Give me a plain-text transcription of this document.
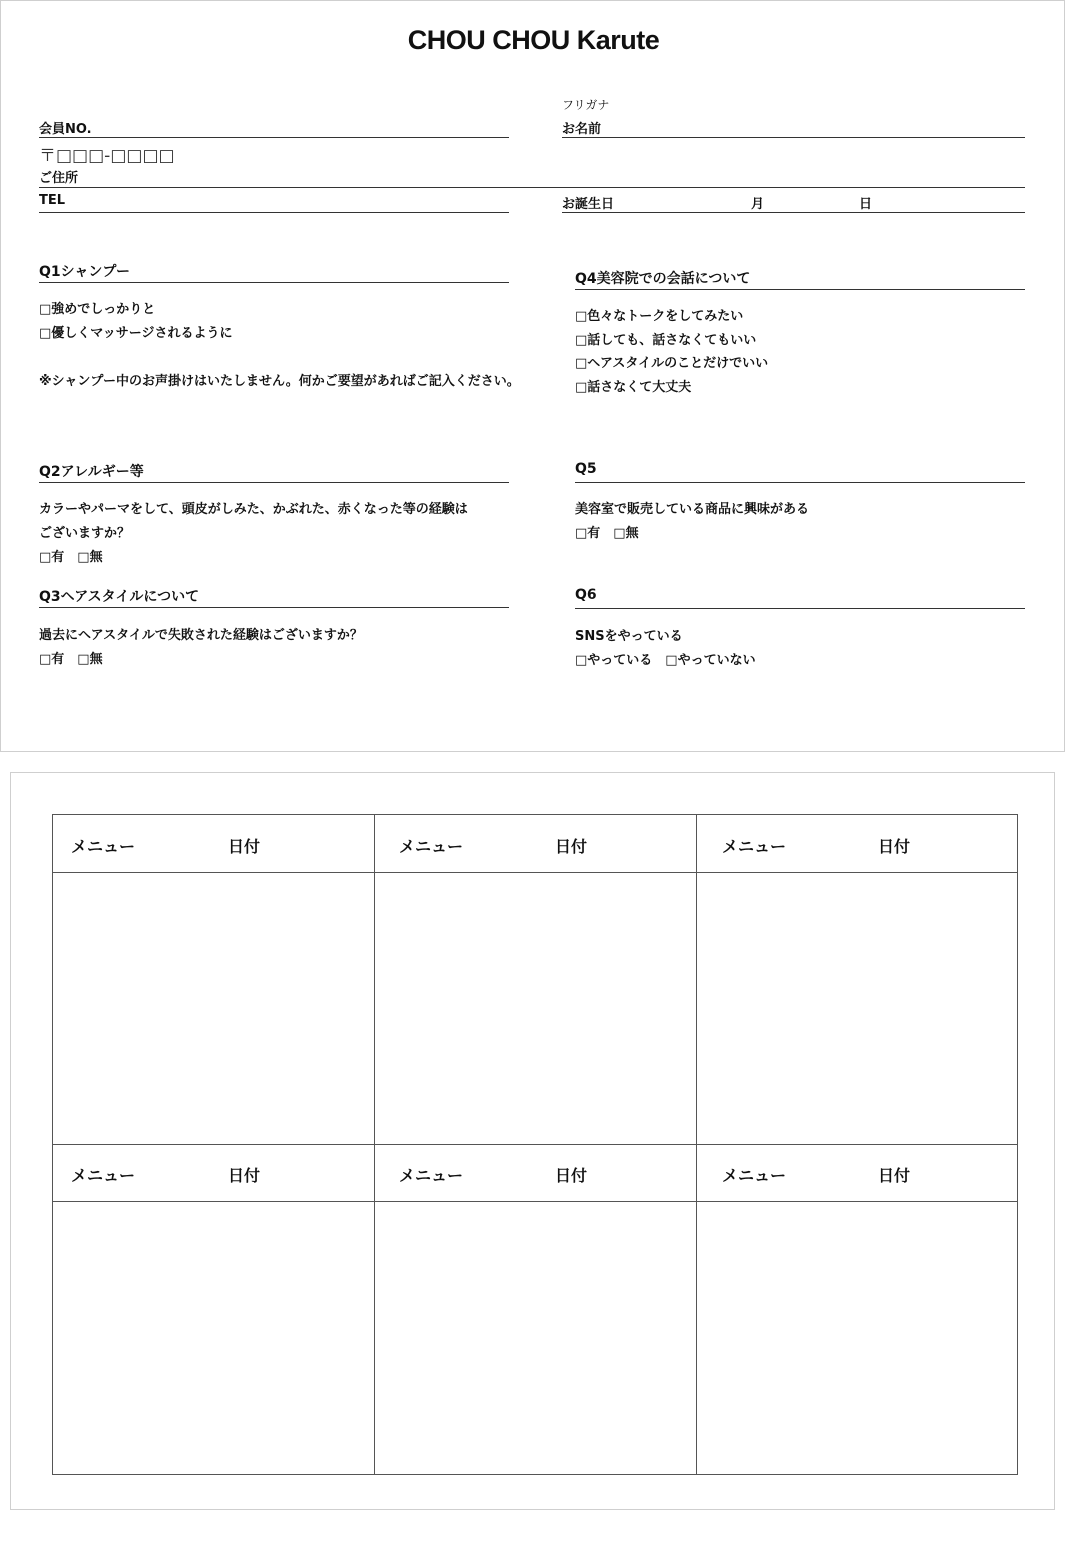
CHOU CHOU Karute
会員NO.
フリガナ
お名前
〒□□□-□□□□
ご住所
TEL	お誕生日	月	日
Q1シャンプー
□強めでしっかりと
□優しくマッサージされるように
※シャンプー中のお声掛けはいたしません。何かご要望があればご記入ください。
Q4美容院での会話について
□色々なトークをしてみたい
□話しても、話さなくてもいい
□ヘアスタイルのことだけでいい
□話さなくて大丈夫
Q2アレルギー等
カラーやパーマをして、頭皮がしみた、かぶれた、赤くなった等の経験は
ございますか？
□有　□無
Q5
美容室で販売している商品に興味がある
□有　□無
Q3ヘアスタイルについて
過去にヘアスタイルで失敗された経験はございますか？
□有　□無
Q6
SNSをやっている
□やっている　□やっていない
メニュー	日付	メニュー	日付	メニュー	日付
メニュー	日付	メニュー	日付	メニュー	日付
